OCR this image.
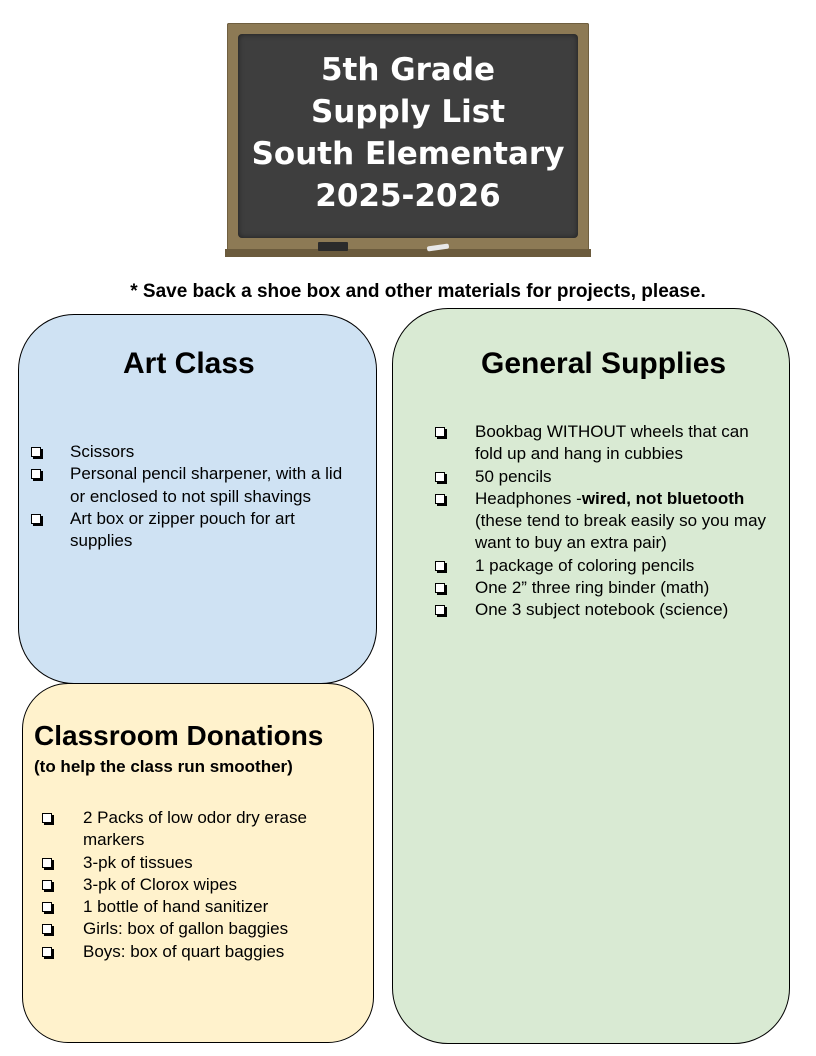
5th Grade
Supply List
South Elementary
2025-2026
* Save back a shoe box and other materials for projects, please.
Art Class
Scissors
Personal pencil sharpener, with a lid or enclosed to not spill shavings
Art box or zipper pouch for art supplies
General Supplies
Bookbag WITHOUT wheels that can fold up and hang in cubbies
50 pencils
Headphones -wired, not bluetooth
(these tend to break easily so you may want to buy an extra pair)
1 package of coloring pencils
One 2” three ring binder (math)
One 3 subject notebook (science)
Classroom Donations
(to help the class run smoother)
2 Packs of low odor dry erase markers
3-pk of tissues
3-pk of Clorox wipes
1 bottle of hand sanitizer
Girls: box of gallon baggies
Boys: box of quart baggies
